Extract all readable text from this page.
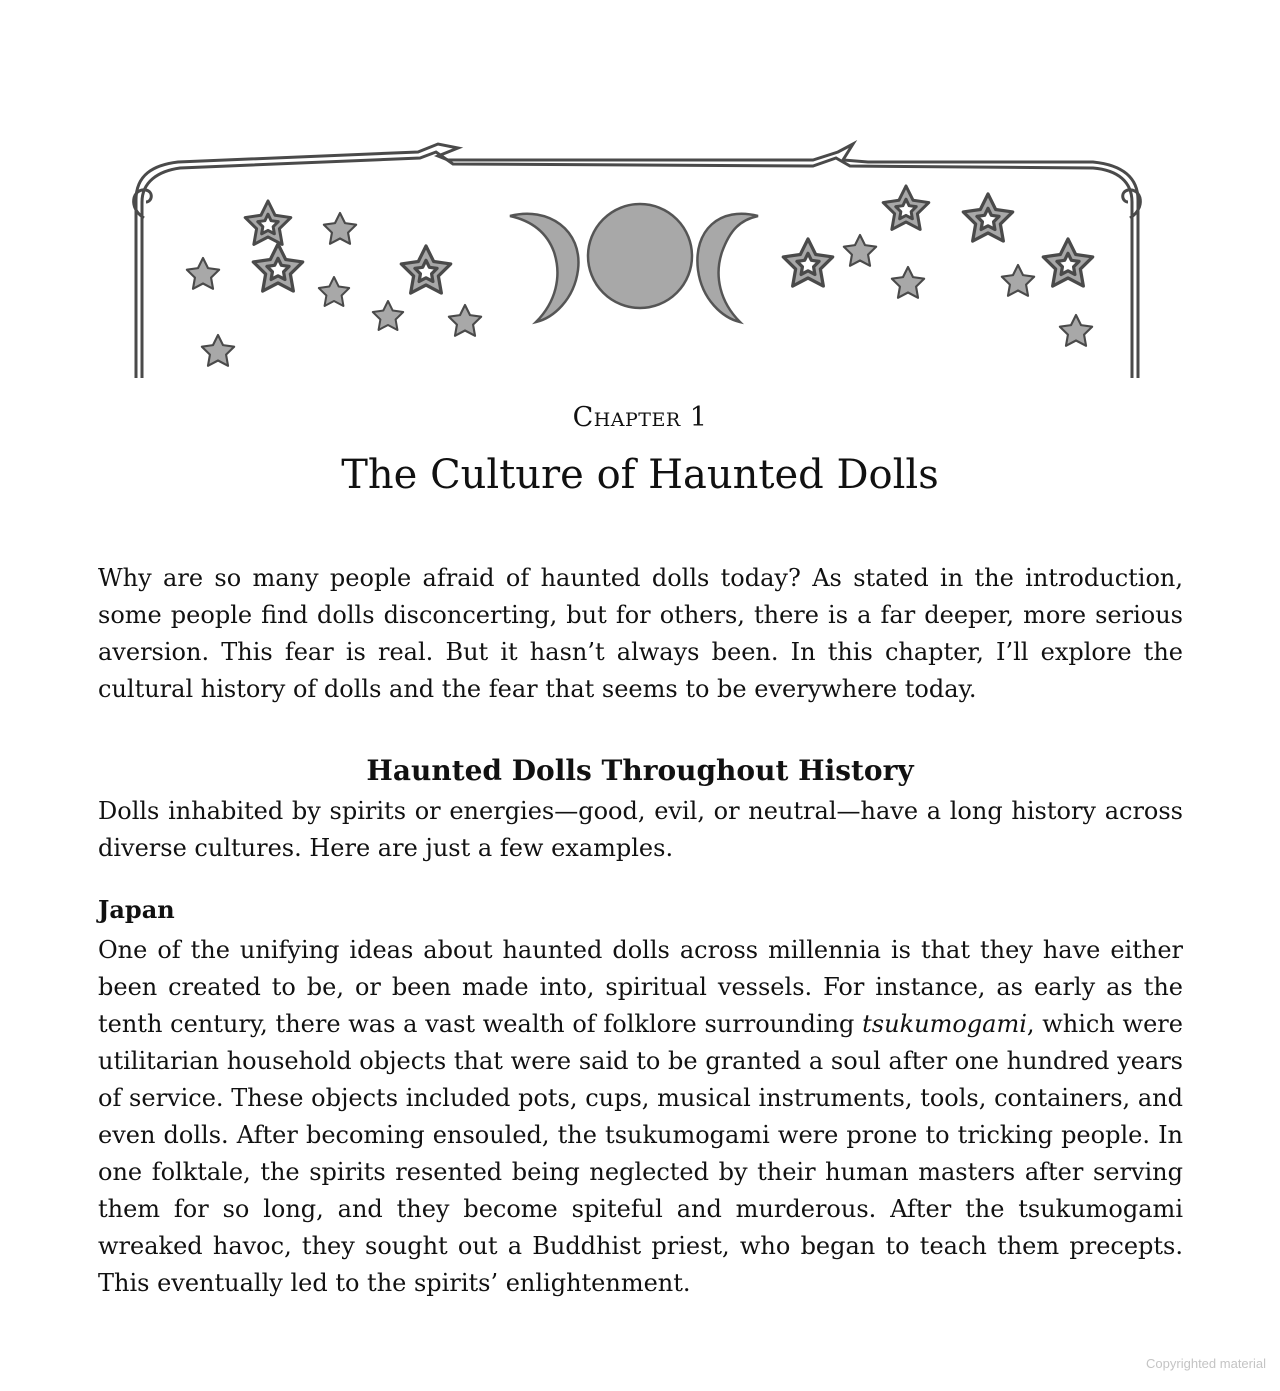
Chapter 1
The Culture of Haunted Dolls

Why are so many people afraid of haunted dolls today? As stated in the introduction, some people find dolls disconcerting, but for others, there is a far deeper, more serious aversion. This fear is real. But it hasn’t always been. In this chapter, I’ll explore the cultural history of dolls and the fear that seems to be everywhere today.

Haunted Dolls Throughout History

Dolls inhabited by spirits or energies—good, evil, or neutral—have a long history across diverse cultures. Here are just a few examples.

Japan

One of the unifying ideas about haunted dolls across millennia is that they have either been created to be, or been made into, spiritual vessels. For instance, as early as the tenth century, there was a vast wealth of folklore surrounding tsukumogami, which were utilitarian household objects that were said to be granted a soul after one hundred years of service. These objects included pots, cups, musical instruments, tools, containers, and even dolls. After becoming ensouled, the tsukumogami were prone to tricking people. In one folktale, the spirits resented being neglected by their human masters after serving them for so long, and they become spiteful and murderous. After the tsukumogami wreaked havoc, they sought out a Buddhist priest, who began to teach them precepts. This eventually led to the spirits’ enlightenment.

Copyrighted material
